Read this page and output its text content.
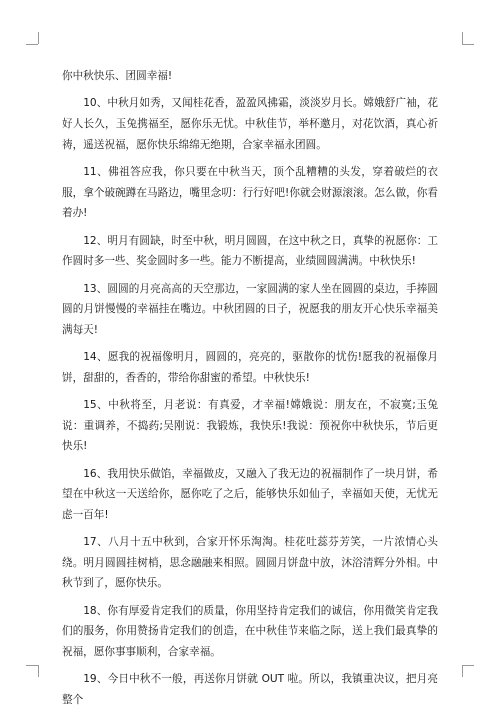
你中秋快乐、团圆幸福!

10、中秋月如秀，又闻桂花香，盈盈风拂霜，淡淡岁月长。嫦娥舒广袖，花好人长久，玉兔携福至，愿你乐无忧。中秋佳节，举杯邀月，对花饮酒，真心祈祷，遥送祝福，愿你快乐绵绵无绝期，合家幸福永团圆。

11、佛祖答应我，你只要在中秋当天，顶个乱糟糟的头发，穿着破烂的衣服，拿个破碗蹲在马路边，嘴里念叨：行行好吧!你就会财源滚滚。怎么做，你看着办!

12、明月有圆缺，时至中秋，明月圆圆，在这中秋之日，真挚的祝愿你：工作圆时多一些、奖金圆时多一些。能力不断提高，业绩圆圆满满。中秋快乐!

13、圆圆的月亮高高的天空那边，一家圆满的家人坐在圆圆的桌边，手捧圆圆的月饼慢慢的幸福挂在嘴边。中秋团圆的日子，祝愿我的朋友开心快乐幸福美满每天!

14、愿我的祝福像明月，圆圆的，亮亮的，驱散你的忧伤!愿我的祝福像月饼，甜甜的，香香的，带给你甜蜜的希望。中秋快乐!

15、中秋将至，月老说：有真爱，才幸福!嫦娥说：朋友在，不寂寞;玉兔说：重调养，不捣药;吴刚说：我锻炼，我快乐!我说：预祝你中秋快乐，节后更快乐!

16、我用快乐做馅，幸福做皮，又融入了我无边的祝福制作了一块月饼，希望在中秋这一天送给你，愿你吃了之后，能够快乐如仙子，幸福如天使，无忧无虑一百年!

17、八月十五中秋到，合家开怀乐淘淘。桂花吐蕊芬芳笑，一片浓情心头绕。明月圆圆挂树梢，思念融融来相照。圆圆月饼盘中放，沐浴清辉分外相。中秋节到了，愿你快乐。

18、你有厚爱肯定我们的质量，你用坚持肯定我们的诚信，你用微笑肯定我们的服务，你用赞扬肯定我们的创造，在中秋佳节来临之际，送上我们最真挚的祝福，愿你事事顺利，合家幸福。

19、今日中秋不一般，再送你月饼就 OUT 啦。所以，我镇重决议，把月亮整个
